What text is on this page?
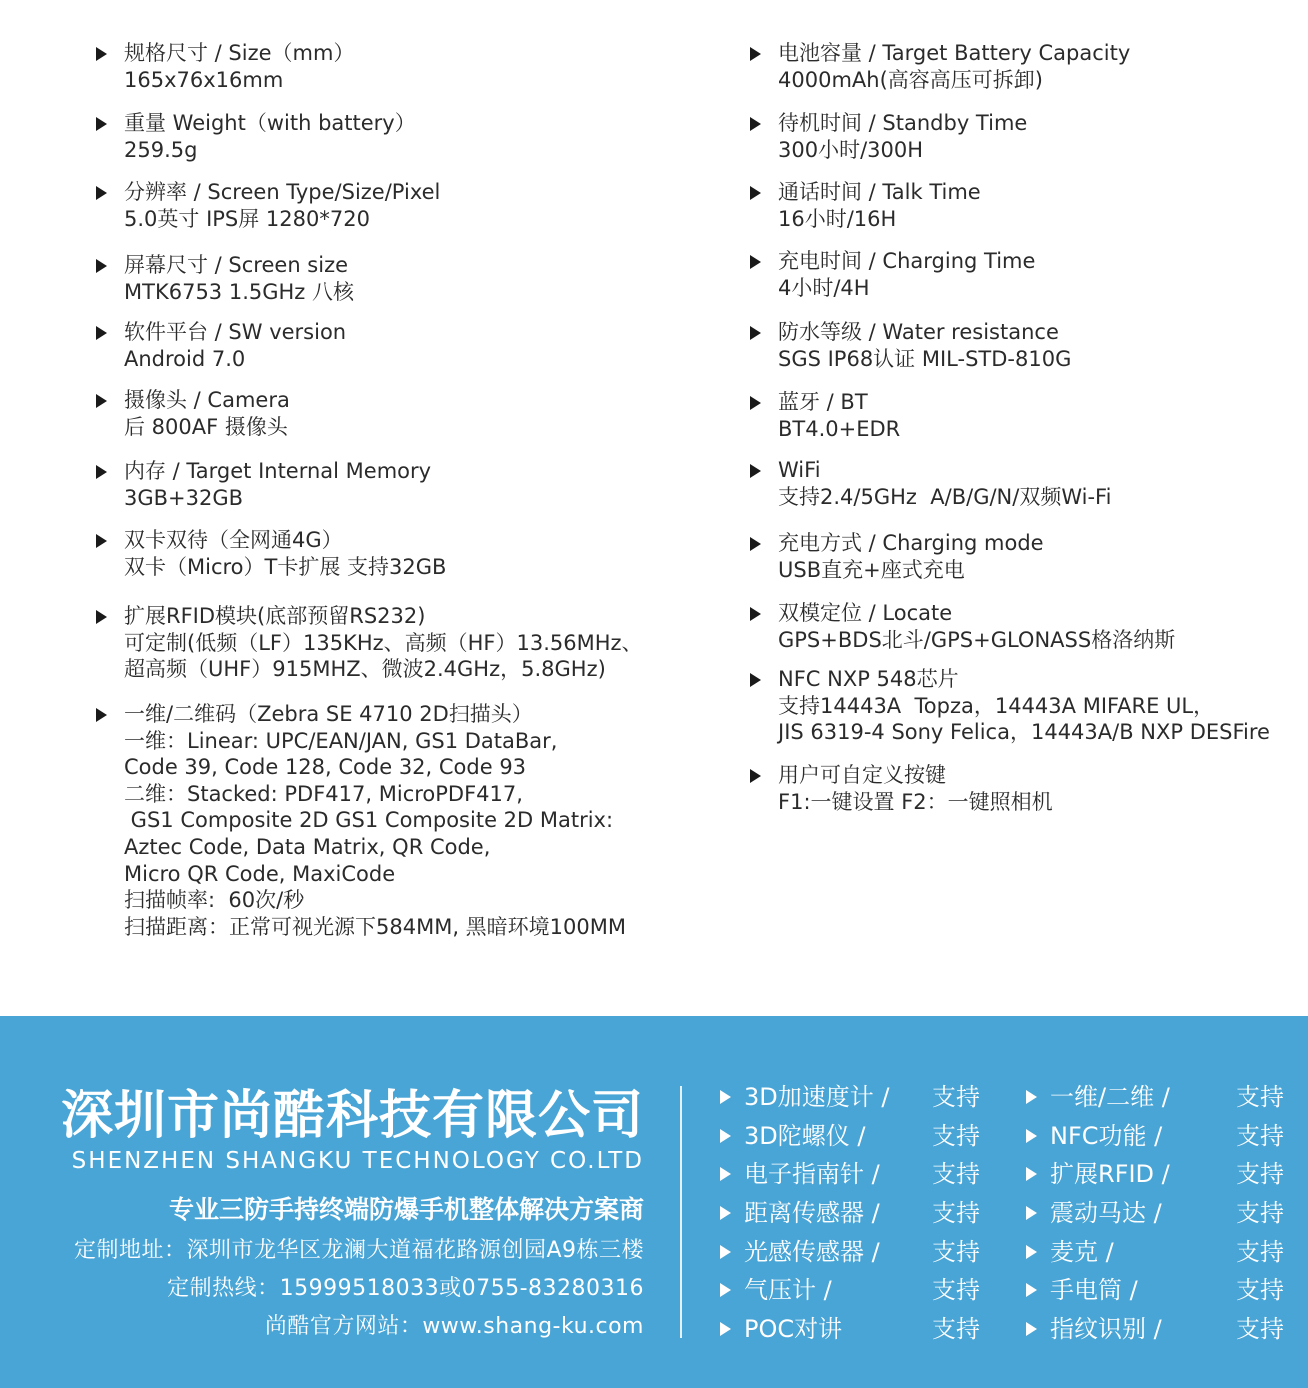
规格尺寸 / Size（mm）
165x76x16mm
重量 Weight（with battery）
259.5g
分辨率 / Screen Type/Size/Pixel
5.0英寸 IPS屏 1280*720
屏幕尺寸 / Screen size
MTK6753 1.5GHz 八核
软件平台 / SW version
Android 7.0
摄像头 / Camera
后 800AF 摄像头
内存 / Target Internal Memory
3GB+32GB
双卡双待（全网通4G）
双卡（Micro）T卡扩展 支持32GB
扩展RFID模块(底部预留RS232)
可定制(低频（LF）135KHz、高频（HF）13.56MHz、
超高频（UHF）915MHZ、微波2.4GHz，5.8GHz)
一维/二维码（Zebra SE 4710 2D扫描头）
一维：Linear: UPC/EAN/JAN, GS1 DataBar,
Code 39, Code 128, Code 32, Code 93
二维：Stacked: PDF417, MicroPDF417,
GS1 Composite 2D GS1 Composite 2D Matrix:
Aztec Code, Data Matrix, QR Code,
Micro QR Code, MaxiCode
扫描帧率:  60次/秒
扫描距离：正常可视光源下584MM, 黑暗环境100MM
电池容量 / Target Battery Capacity
4000mAh(高容高压可拆卸)
待机时间 / Standby Time
300小时/300H
通话时间 / Talk Time
16小时/16H
充电时间 / Charging Time
4小时/4H
防水等级 / Water resistance
SGS IP68认证 MIL-STD-810G
蓝牙 / BT
BT4.0+EDR
WiFi
支持2.4/5GHz  A/B/G/N/双频Wi-Fi
充电方式 / Charging mode
USB直充+座式充电
双模定位 / Locate
GPS+BDS北斗/GPS+GLONASS格洛纳斯
NFC NXP 548芯片
支持14443A  Topza，14443A MIFARE UL，
JIS 6319-4 Sony Felica，14443A/B NXP DESFire
用户可自定义按键
F1:一键设置 F2：一键照相机
深圳市尚酷科技有限公司
SHENZHEN SHANGKU TECHNOLOGY CO.LTD
专业三防手持终端防爆手机整体解决方案商
定制地址：深圳市龙华区龙澜大道福花路源创园A9栋三楼
定制热线：15999518033或0755-83280316
尚酷官方网站：www.shang-ku.com
3D加速度计 / 支持
3D陀螺仪 /	支持
电子指南针 / 支持
距离传感器 / 支持
光感传感器 / 支持
气压计 /	支持
POC对讲	支持
一维/二维 /	支持
NFC功能 /	支持
扩展RFID /	支持
震动马达 /	支持
麦克 /	支持
手电筒 /	支持
指纹识别 /	支持
